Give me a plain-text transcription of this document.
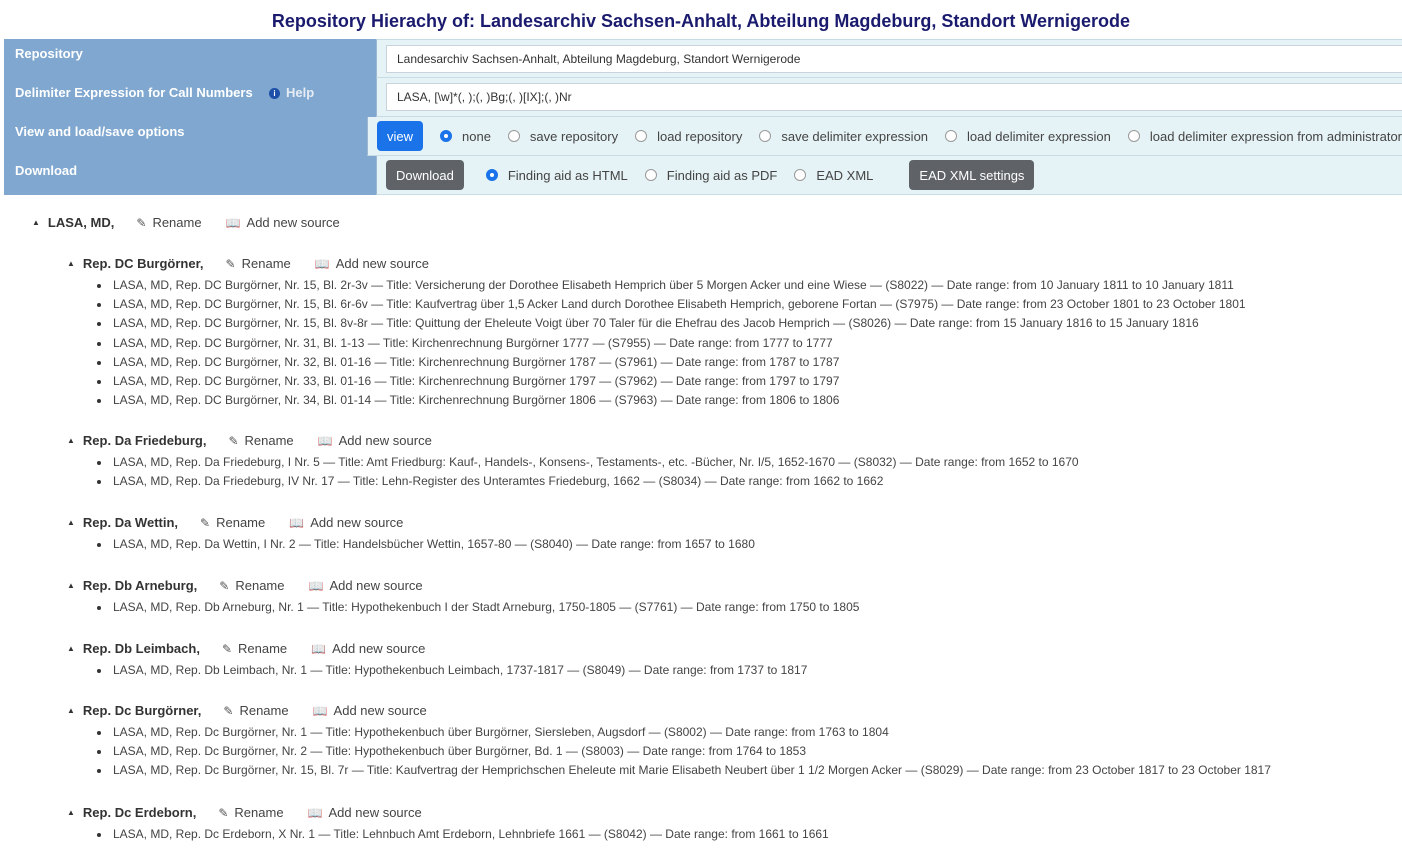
Repository Hierachy of: Landesarchiv Sachsen-Anhalt, Abteilung Magdeburg, Standort Wernigerode
Repository	Landesarchiv Sachsen-Anhalt, Abteilung Magdeburg, Standort Wernigerode
Delimiter Expression for Call Numbers	i Help	LASA, [\w]*(, );(, )Bg;(, )[IX];(, )Nr
View and load/save options	view	none	save repository	load repository	save delimiter expression	load delimiter expression	load delimiter expression from administrator
Download	Download	Finding aid as HTML	Finding aid as PDF	EAD XML	EAD XML settings
▲ LASA, MD, ✎ Rename 📖 Add new source
▲ Rep. DC Burgörner, ✎ Rename 📖 Add new source
LASA, MD, Rep. DC Burgörner, Nr. 15, Bl. 2r-3v — Title: Versicherung der Dorothee Elisabeth Hemprich über 5 Morgen Acker und eine Wiese — (S8022) — Date range: from 10 January 1811 to 10 January 1811
LASA, MD, Rep. DC Burgörner, Nr. 15, Bl. 6r-6v — Title: Kaufvertrag über 1,5 Acker Land durch Dorothee Elisabeth Hemprich, geborene Fortan — (S7975) — Date range: from 23 October 1801 to 23 October 1801
LASA, MD, Rep. DC Burgörner, Nr. 15, Bl. 8v-8r — Title: Quittung der Eheleute Voigt über 70 Taler für die Ehefrau des Jacob Hemprich — (S8026) — Date range: from 15 January 1816 to 15 January 1816
LASA, MD, Rep. DC Burgörner, Nr. 31, Bl. 1-13 — Title: Kirchenrechnung Burgörner 1777 — (S7955) — Date range: from 1777 to 1777
LASA, MD, Rep. DC Burgörner, Nr. 32, Bl. 01-16 — Title: Kirchenrechnung Burgörner 1787 — (S7961) — Date range: from 1787 to 1787
LASA, MD, Rep. DC Burgörner, Nr. 33, Bl. 01-16 — Title: Kirchenrechnung Burgörner 1797 — (S7962) — Date range: from 1797 to 1797
LASA, MD, Rep. DC Burgörner, Nr. 34, Bl. 01-14 — Title: Kirchenrechnung Burgörner 1806 — (S7963) — Date range: from 1806 to 1806
▲ Rep. Da Friedeburg, ✎ Rename 📖 Add new source
LASA, MD, Rep. Da Friedeburg, I Nr. 5 — Title: Amt Friedburg: Kauf-, Handels-, Konsens-, Testaments-, etc. -Bücher, Nr. I/5, 1652-1670 — (S8032) — Date range: from 1652 to 1670
LASA, MD, Rep. Da Friedeburg, IV Nr. 17 — Title: Lehn-Register des Unteramtes Friedeburg, 1662 — (S8034) — Date range: from 1662 to 1662
▲ Rep. Da Wettin, ✎ Rename 📖 Add new source
LASA, MD, Rep. Da Wettin, I Nr. 2 — Title: Handelsbücher Wettin, 1657-80 — (S8040) — Date range: from 1657 to 1680
▲ Rep. Db Arneburg, ✎ Rename 📖 Add new source
LASA, MD, Rep. Db Arneburg, Nr. 1 — Title: Hypothekenbuch I der Stadt Arneburg, 1750-1805 — (S7761) — Date range: from 1750 to 1805
▲ Rep. Db Leimbach, ✎ Rename 📖 Add new source
LASA, MD, Rep. Db Leimbach, Nr. 1 — Title: Hypothekenbuch Leimbach, 1737-1817 — (S8049) — Date range: from 1737 to 1817
▲ Rep. Dc Burgörner, ✎ Rename 📖 Add new source
LASA, MD, Rep. Dc Burgörner, Nr. 1 — Title: Hypothekenbuch über Burgörner, Siersleben, Augsdorf — (S8002) — Date range: from 1763 to 1804
LASA, MD, Rep. Dc Burgörner, Nr. 2 — Title: Hypothekenbuch über Burgörner, Bd. 1 — (S8003) — Date range: from 1764 to 1853
LASA, MD, Rep. Dc Burgörner, Nr. 15, Bl. 7r — Title: Kaufvertrag der Hemprichschen Eheleute mit Marie Elisabeth Neubert über 1 1/2 Morgen Acker — (S8029) — Date range: from 23 October 1817 to 23 October 1817
▲ Rep. Dc Erdeborn, ✎ Rename 📖 Add new source
LASA, MD, Rep. Dc Erdeborn, X Nr. 1 — Title: Lehnbuch Amt Erdeborn, Lehnbriefe 1661 — (S8042) — Date range: from 1661 to 1661
